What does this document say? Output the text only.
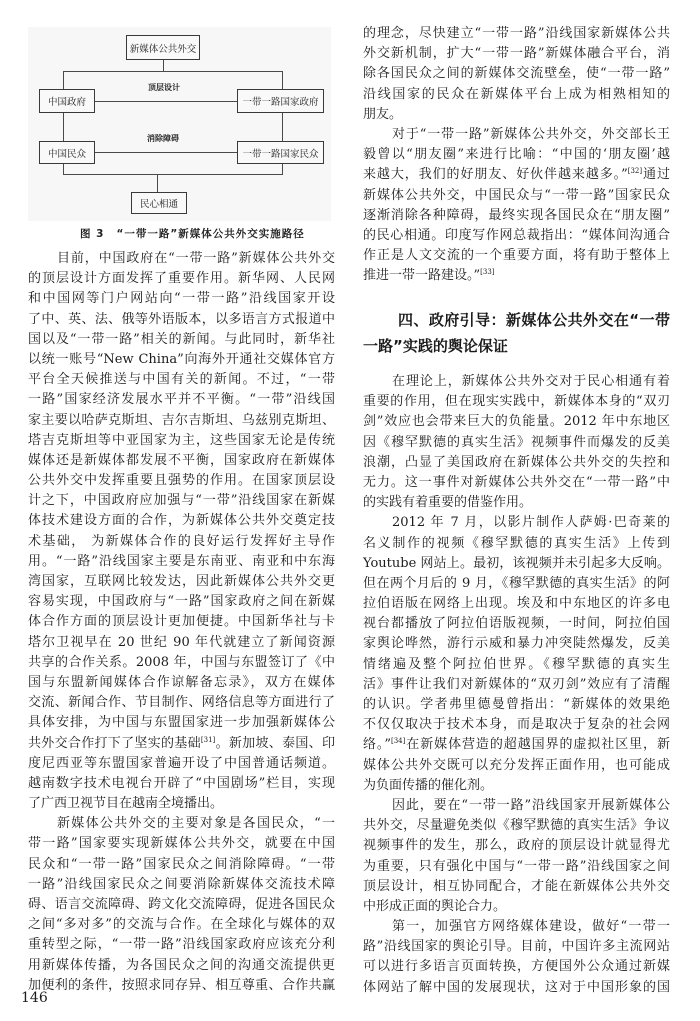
新媒体公共外交
顶层设计
中国政府	一带一路国家政府
消除障碍
中国民众	一带一路国家民众
民心相通
图 3 “一带一路”新媒体公共外交实施路径
目前，中国政府在“一带一路”新媒体公共外交
的顶层设计方面发挥了重要作用。新华网、人民网
和中国网等门户网站向“一带一路”沿线国家开设
了中、英、法、俄等外语版本，以多语言方式报道中
国以及“一带一路”相关的新闻。与此同时，新华社
以统一账号“New China”向海外开通社交媒体官方
平台全天候推送与中国有关的新闻。不过，“一带
一路”国家经济发展水平并不平衡。“一带”沿线国
家主要以哈萨克斯坦、吉尔吉斯坦、乌兹别克斯坦、
塔吉克斯坦等中亚国家为主，这些国家无论是传统
媒体还是新媒体都发展不平衡，国家政府在新媒体
公共外交中发挥重要且强势的作用。在国家顶层设
计之下，中国政府应加强与“一带”沿线国家在新媒
体技术建设方面的合作，为新媒体公共外交奠定技
术基础， 为新媒体合作的良好运行发挥好主导作
用。“一路”沿线国家主要是东南亚、南亚和中东海
湾国家，互联网比较发达，因此新媒体公共外交更
容易实现，中国政府与“一路”国家政府之间在新媒
体合作方面的顶层设计更加便捷。中国新华社与卡
塔尔卫视早在 20 世纪 90 年代就建立了新闻资源
共享的合作关系。2008 年，中国与东盟签订了《中
国与东盟新闻媒体合作谅解备忘录》，双方在媒体
交流、新闻合作、节目制作、网络信息等方面进行了
具体安排，为中国与东盟国家进一步加强新媒体公
共外交合作打下了坚实的基础[31]。新加坡、泰国、印
度尼西亚等东盟国家普遍开设了中国普通话频道。
越南数字技术电视台开辟了“中国剧场”栏目，实现
了广西卫视节目在越南全境播出。
新媒体公共外交的主要对象是各国民众，“一
带一路”国家要实现新媒体公共外交，就要在中国
民众和“一带一路”国家民众之间消除障碍。“一带
一路”沿线国家民众之间要消除新媒体交流技术障
碍、语言交流障碍、跨文化交流障碍，促进各国民众
之间“多对多”的交流与合作。在全球化与媒体的双
重转型之际，“一带一路”沿线国家政府应该充分利
用新媒体传播，为各国民众之间的沟通交流提供更
加便利的条件，按照求同存异、相互尊重、合作共赢
的理念，尽快建立“一带一路”沿线国家新媒体公共
外交新机制，扩大“一带一路”新媒体融合平台，消
除各国民众之间的新媒体交流壁垒，使“一带一路”
沿线国家的民众在新媒体平台上成为相熟相知的
朋友。
对于“一带一路”新媒体公共外交，外交部长王
毅曾以“朋友圈”来进行比喻：“中国的‘朋友圈’越
来越大，我们的好朋友、好伙伴越来越多。”[32]通过
新媒体公共外交，中国民众与“一带一路”国家民众
逐渐消除各种障碍，最终实现各国民众在“朋友圈”
的民心相通。印度写作网总裁指出：“媒体间沟通合
作正是人文交流的一个重要方面，将有助于整体上
推进一带一路建设。”[33]
四、政府引导：新媒体公共外交在“一带
一路”实践的舆论保证
在理论上，新媒体公共外交对于民心相通有着
重要的作用，但在现实实践中，新媒体本身的“双刃
剑”效应也会带来巨大的负能量。2012 年中东地区
因《穆罕默德的真实生活》视频事件而爆发的反美
浪潮，凸显了美国政府在新媒体公共外交的失控和
无力。这一事件对新媒体公共外交在“一带一路”中
的实践有着重要的借鉴作用。
2012 年 7 月，以影片制作人萨姆·巴奇莱的
名义制作的视频《穆罕默德的真实生活》上传到
Youtube 网站上。最初，该视频并未引起多大反响。
但在两个月后的 9 月，《穆罕默德的真实生活》的阿
拉伯语版在网络上出现。埃及和中东地区的许多电
视台都播放了阿拉伯语版视频，一时间，阿拉伯国
家舆论哗然，游行示威和暴力冲突陡然爆发，反美
情绪遍及整个阿拉伯世界。《穆罕默德的真实生
活》事件让我们对新媒体的“双刃剑”效应有了清醒
的认识。学者弗里德曼曾指出：“新媒体的效果绝
不仅仅取决于技术本身，而是取决于复杂的社会网
络。”[34]在新媒体营造的超越国界的虚拟社区里，新
媒体公共外交既可以充分发挥正面作用，也可能成
为负面传播的催化剂。
因此，要在“一带一路”沿线国家开展新媒体公
共外交，尽量避免类似《穆罕默德的真实生活》争议
视频事件的发生，那么，政府的顶层设计就显得尤
为重要，只有强化中国与“一带一路”沿线国家之间
顶层设计，相互协同配合，才能在新媒体公共外交
中形成正面的舆论合力。
第一，加强官方网络媒体建设，做好“一带一
路”沿线国家的舆论引导。目前，中国许多主流网站
可以进行多语言页面转换，方便国外公众通过新媒
体网站了解中国的发展现状，这对于中国形象的国
146
